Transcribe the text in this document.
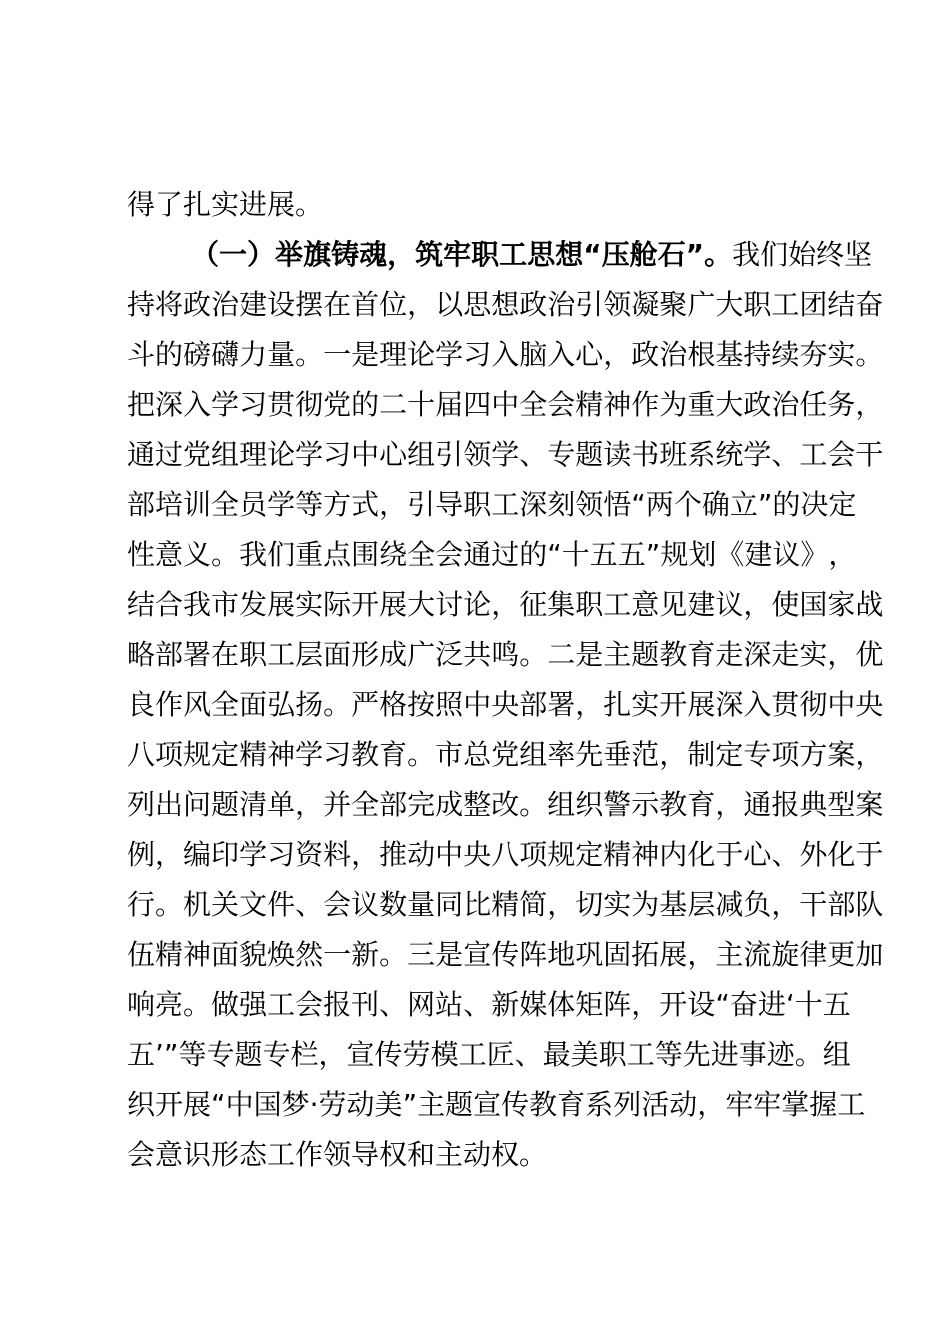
得了扎实进展。
（ 一 ） 举 旗 铸 魂 ， 筑 牢 职 工 思 想 “ 压 舱 石 ” 。 我 们 始 终 坚
持 将 政 治 建 设 摆 在 首 位 ， 以 思 想 政 治 引 领 凝 聚 广 大 职 工 团 结 奋
斗 的 磅 礴 力 量 。 一 是 理 论 学 习 入 脑 入 心 ， 政 治 根 基 持 续 夯 实 。
把 深 入 学 习 贯 彻 党 的 二 十 届 四 中 全 会 精 神 作 为 重 大 政 治 任 务 ，
通 过 党 组 理 论 学 习 中 心 组 引 领 学 、 专 题 读 书 班 系 统 学 、 工 会 干
部 培 训 全 员 学 等 方 式 ， 引 导 职 工 深 刻 领 悟 “ 两 个 确 立 ” 的 决 定
性 意 义 。 我 们 重 点 围 绕 全 会 通 过 的 “ 十 五 五 ” 规 划 《 建 议 》 ，
结 合 我 市 发 展 实 际 开 展 大 讨 论 ， 征 集 职 工 意 见 建 议 ， 使 国 家 战
略 部 署 在 职 工 层 面 形 成 广 泛 共 鸣 。 二 是 主 题 教 育 走 深 走 实 ， 优
良 作 风 全 面 弘 扬 。 严 格 按 照 中 央 部 署 ， 扎 实 开 展 深 入 贯 彻 中 央
八 项 规 定 精 神 学 习 教 育 。 市 总 党 组 率 先 垂 范 ， 制 定 专 项 方 案 ，
列 出 问 题 清 单 ， 并 全 部 完 成 整 改 。 组 织 警 示 教 育 ， 通 报 典 型 案
例 ， 编 印 学 习 资 料 ， 推 动 中 央 八 项 规 定 精 神 内 化 于 心 、 外 化 于
行 。 机 关 文 件 、 会 议 数 量 同 比 精 简 ， 切 实 为 基 层 减 负 ， 干 部 队
伍 精 神 面 貌 焕 然 一 新 。 三 是 宣 传 阵 地 巩 固 拓 展 ， 主 流 旋 律 更 加
响 亮 。 做 强 工 会 报 刊 、 网 站 、 新 媒 体 矩 阵 ， 开 设 “ 奋 进 ‘ 十 五
五 ’ ” 等 专 题 专 栏 ， 宣 传 劳 模 工 匠 、 最 美 职 工 等 先 进 事 迹 。 组
织 开 展 “ 中 国 梦 · 劳 动 美 ” 主 题 宣 传 教 育 系 列 活 动 ， 牢 牢 掌 握 工
会意识形态工作领导权和主动权。
